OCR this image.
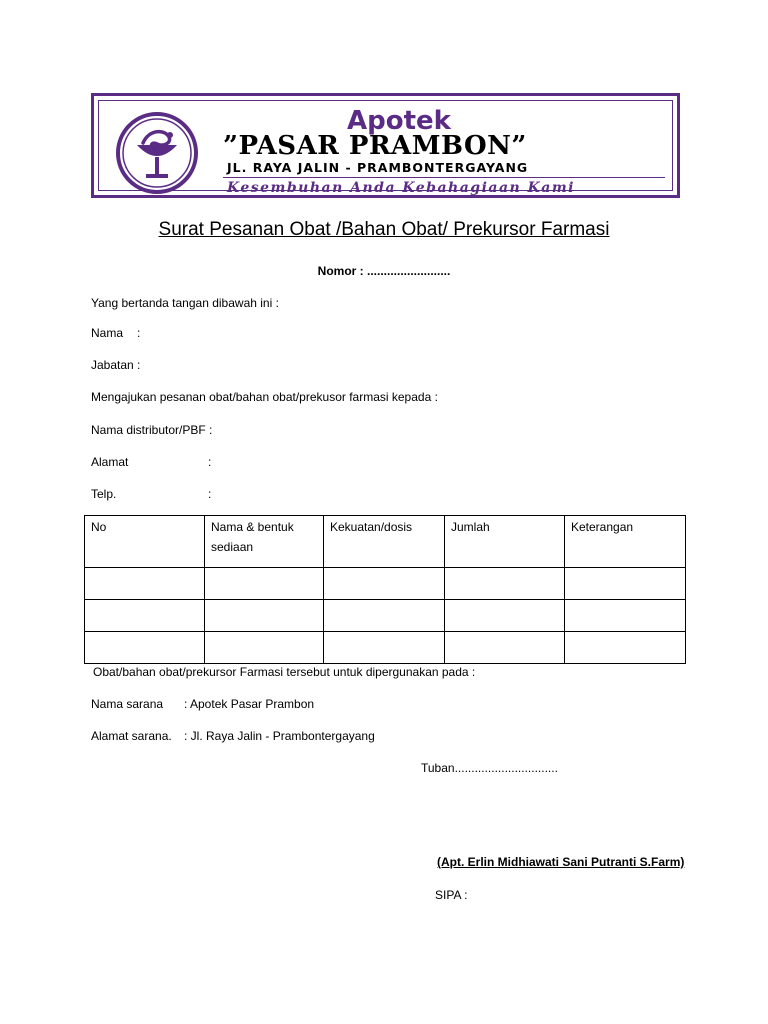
Apotek
”PASAR PRAMBON”
JL. RAYA JALIN - PRAMBONTERGAYANG
Kesembuhan Anda Kebahagiaan Kami
Surat Pesanan Obat /Bahan Obat/ Prekursor Farmasi
Nomor : .........................
Yang bertanda tangan dibawah ini :
Nama :
Jabatan :
Mengajukan pesanan obat/bahan obat/prekusor farmasi kepada :
Nama distributor/PBF :
Alamat	:
Telp.	:
No	Nama & bentuk sediaan	Kekuatan/dosis	Jumlah	Keterangan

Obat/bahan obat/prekursor Farmasi tersebut untuk dipergunakan pada :
Nama sarana : Apotek Pasar Prambon
Alamat sarana. : Jl. Raya Jalin - Prambontergayang
Tuban...............................
(Apt. Erlin Midhiawati Sani Putranti S.Farm)
SIPA :
